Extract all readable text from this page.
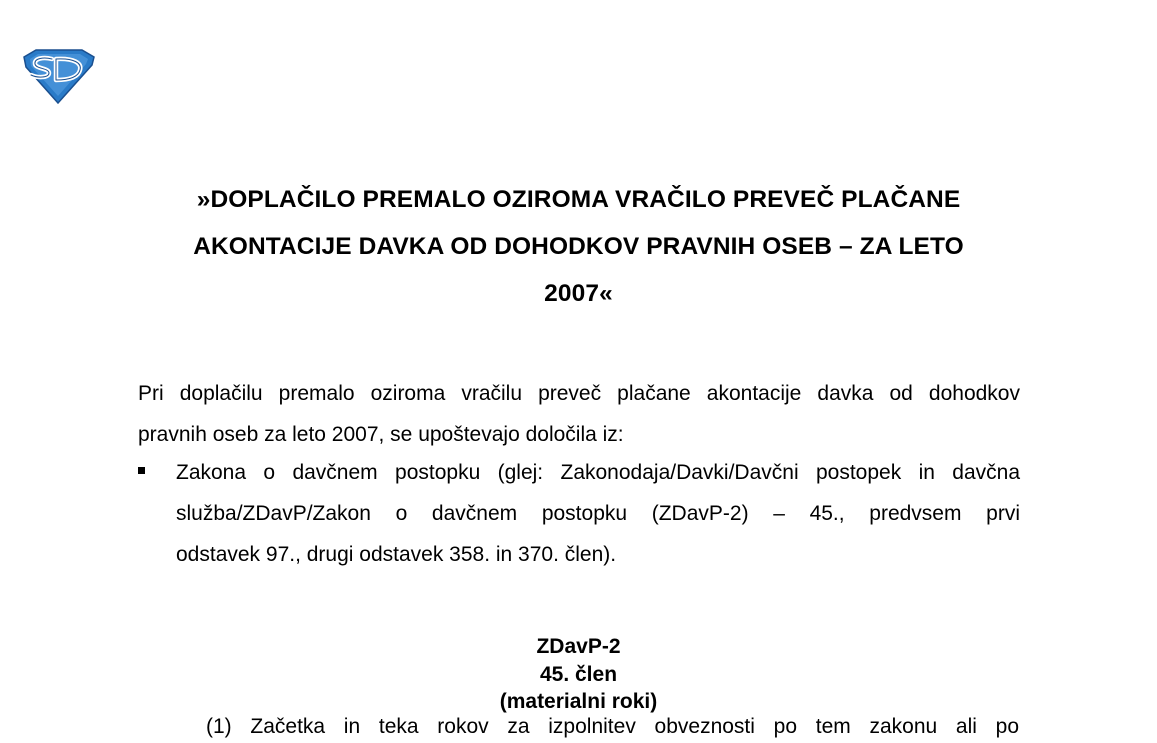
»DOPLAČILO PREMALO OZIROMA VRAČILO PREVEČ PLAČANE
AKONTACIJE DAVKA OD DOHODKOV PRAVNIH OSEB – ZA LETO
2007«

Pri doplačilu premalo oziroma vračilu preveč plačane akontacije davka od dohodkov
pravnih oseb za leto 2007, se upoštevajo določila iz:

Zakona o davčnem postopku (glej: Zakonodaja/Davki/Davčni postopek in davčna
služba/ZDavP/Zakon o davčnem postopku (ZDavP-2) – 45., predvsem prvi
odstavek 97., drugi odstavek 358. in 370. člen).
ZDavP-2
45. člen
(materialni roki)
(1) Začetka in teka rokov za izpolnitev obveznosti po tem zakonu ali po
